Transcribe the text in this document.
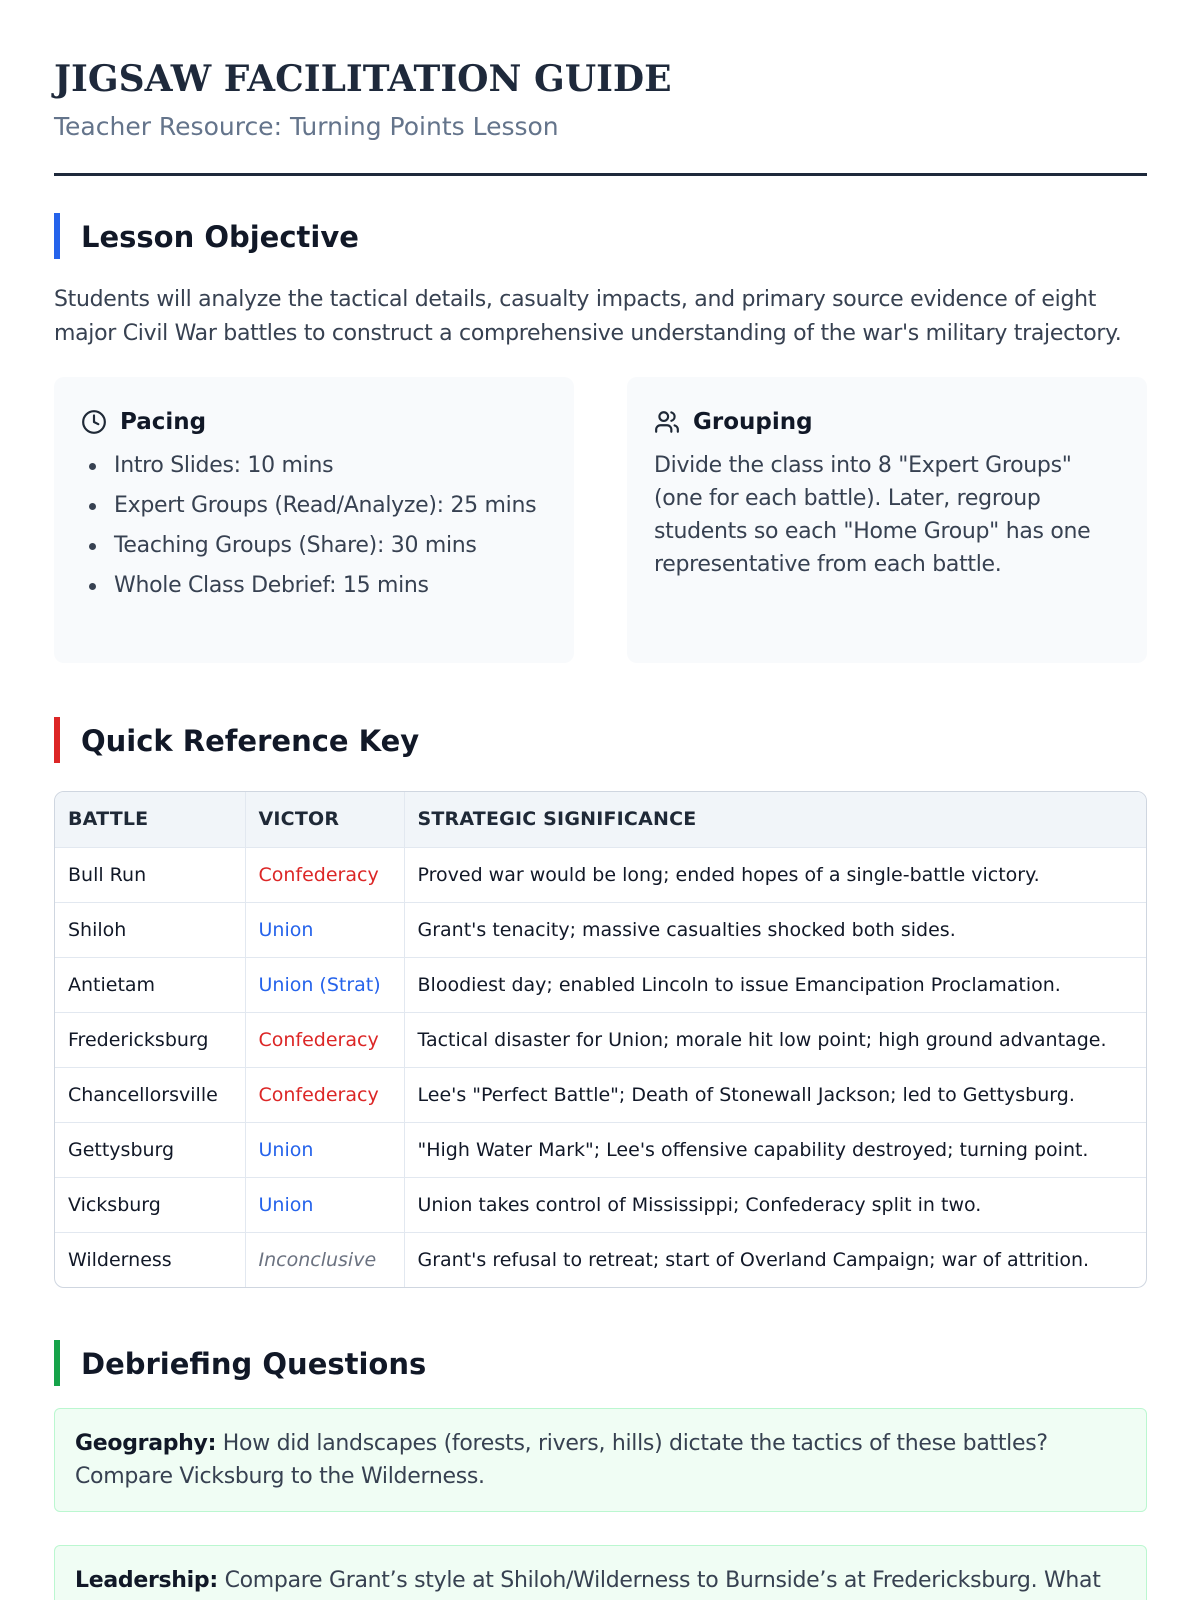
JIGSAW FACILITATION GUIDE
Teacher Resource: Turning Points Lesson
Lesson Objective

Students will analyze the tactical details, casualty impacts, and primary source evidence of eight major Civil War battles to construct a comprehensive understanding of the war's military trajectory.

Pacing
Intro Slides: 10 mins
Expert Groups (Read/Analyze): 25 mins
Teaching Groups (Share): 30 mins
Whole Class Debrief: 15 mins
Grouping

Divide the class into 8 "Expert Groups" (one for each battle). Later, regroup students so each "Home Group" has one representative from each battle.

Quick Reference Key
BATTLE	VICTOR	STRATEGIC SIGNIFICANCE
Bull Run	Confederacy	Proved war would be long; ended hopes of a single-battle victory.
Shiloh	Union	Grant's tenacity; massive casualties shocked both sides.
Antietam	Union (Strat)	Bloodiest day; enabled Lincoln to issue Emancipation Proclamation.
Fredericksburg	Confederacy	Tactical disaster for Union; morale hit low point; high ground advantage.
Chancellorsville	Confederacy	Lee's "Perfect Battle"; Death of Stonewall Jackson; led to Gettysburg.
Gettysburg	Union	"High Water Mark"; Lee's offensive capability destroyed; turning point.
Vicksburg	Union	Union takes control of Mississippi; Confederacy split in two.
Wilderness	Inconclusive	Grant's refusal to retreat; start of Overland Campaign; war of attrition.
Debriefing Questions
Geography: How did landscapes (forests, rivers, hills) dictate the tactics of these battles? Compare Vicksburg to the Wilderness.
Leadership: Compare Grant’s style at Shiloh/Wilderness to Burnside’s at Fredericksburg. What
